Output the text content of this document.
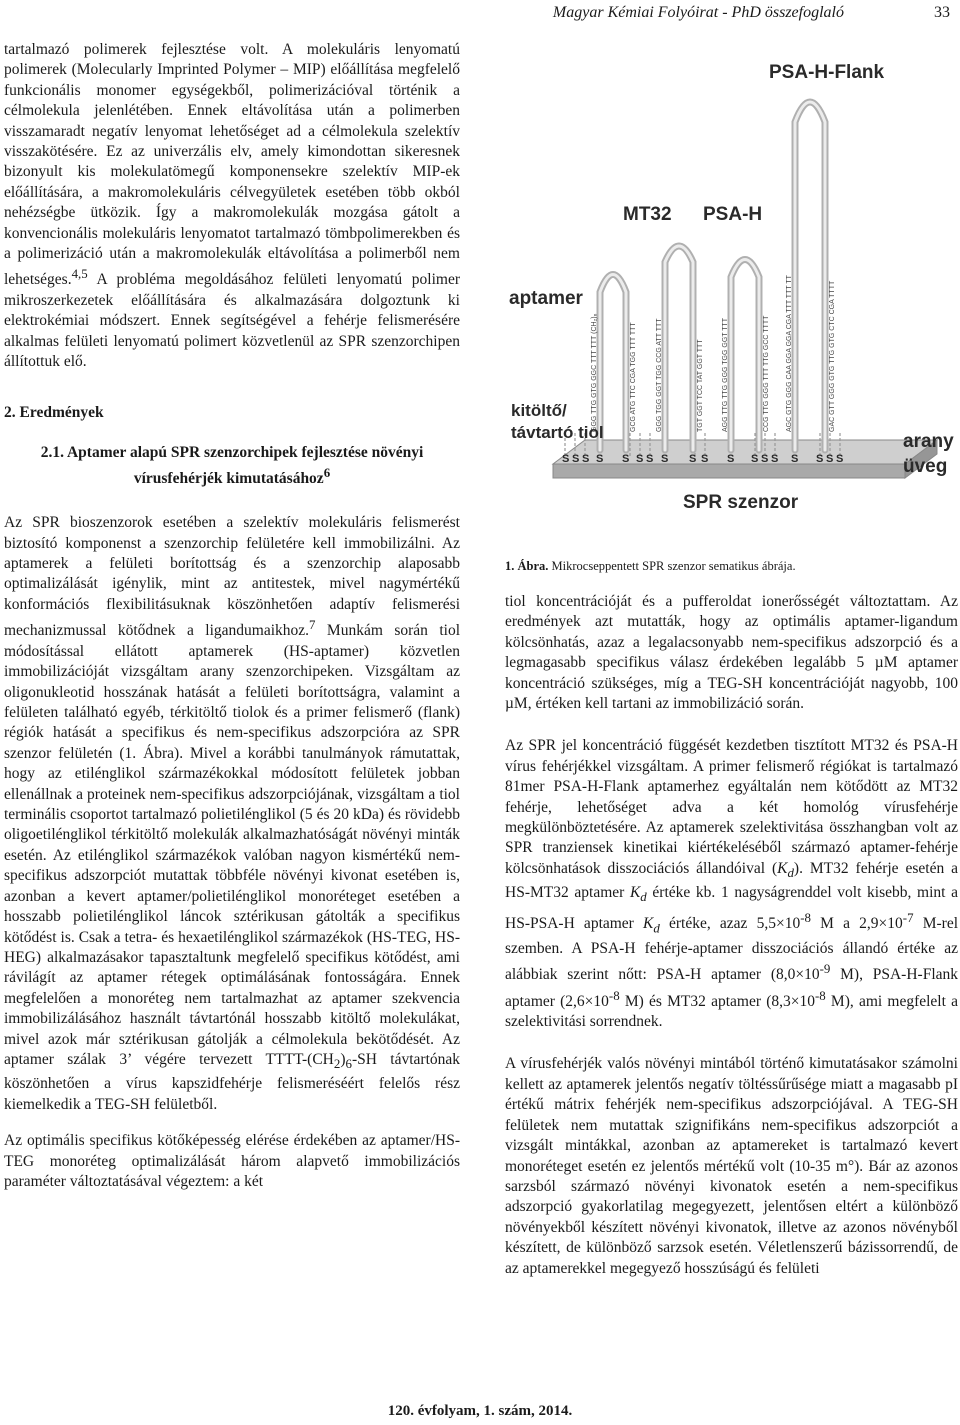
Magyar Kémiai Folyóirat - PhD összefoglaló	33

tartalmazó polimerek fejlesztése volt. A molekuláris lenyomatú polimerek (Molecularly Imprinted Polymer – MIP) előállítása megfelelő funkcionális monomer egységekből, polimerizációval történik a célmolekula jelenlétében. Ennek eltávolítása után a polimerben visszamaradt negatív lenyomat lehetőséget ad a célmolekula szelektív visszakötésére. Ez az univerzális elv, amely kimondottan sikeresnek bizonyult kis molekulatömegű komponensekre szelektív MIP-ek előállítására, a makromolekuláris célvegyületek esetében több okból nehézségbe ütközik. Így a makromolekulák mozgása gátolt a konvencionális molekuláris lenyomatot tartalmazó tömbpolimerekben és a polimerizáció után a makromolekulák eltávolítása a polimerből nem lehetséges.$^{4,5}$ A probléma megoldásához felületi lenyomatú polimer mikroszerkezetek előállítására és alkalmazására dolgoztunk ki elektrokémiai módszert. Ennek segítségével a fehérje felismerésére alkalmas felületi lenyomatú polimert közvetlenül az SPR szenzorchipen állítottuk elő.

2. Eredmények

2.1. Aptamer alapú SPR szenzorchipek fejlesztése növényi vírusfehérjék kimutatásához$^6$

Az SPR bioszenzorok esetében a szelektív molekuláris felismerést biztosító komponenst a szenzorchip felületére kell immobilizálni. Az aptamerek a felületi borítottság és a szenzorchip alaposabb optimalizálását igénylik, mint az antitestek, mivel nagymértékű konformációs flexibilitásuknak köszönhetően adaptív felismerési mechanizmussal kötődnek a ligandumaikhoz.$^7$ Munkám során tiol módosítással ellátott aptamerek (HS-aptamer) közvetlen immobilizációját vizsgáltam arany szenzorchipeken. Vizsgáltam az oligonukleotid hosszának hatását a felületi borítottságra, valamint a felületen található egyéb, térkitöltő tiolok és a primer felismerő (flank) régiók hatását a specifikus és nem-specifikus adszorpcióra az SPR szenzor felületén (1. Ábra). Mivel a korábbi tanulmányok rámutattak, hogy az etilénglikol származékokkal módosított felületek jobban ellenállnak a proteinek nem-specifikus adszorpciójának, vizsgáltam a tiol terminális csoportot tartalmazó polietilénglikol (5 és 20 kDa) és rövidebb oligoetilénglikol térkitöltő molekulák alkalmazhatóságát növényi minták esetén. Az etilénglikol származékok valóban nagyon kismértékű nem-specifikus adszorpciót mutattak többféle növényi kivonat esetében is, azonban a kevert aptamer/polietilénglikol monoréteget esetében a hosszabb polietilénglikol láncok sztérikusan gátolták a specifikus kötődést is. Csak a tetra- és hexaetilénglikol származékok (HS-TEG, HS-HEG) alkalmazásakor tapasztaltunk megfelelő specifikus kötődést, ami rávilágít az aptamer rétegek optimálásának fontosságára. Ennek megfelelően a monoréteg nem tartalmazhat az aptamer szekvencia immobilizálásához használt távtartónál hosszabb kitöltő molekulákat, mivel azok már sztérikusan gátolják a célmolekula bekötődését. Az aptamer szálak 3’ végére tervezett TTTT-$(CH_2)_6-SH$ távtartónak köszönhetően a vírus kapszidfehérje felismeréséért felelős rész kiemelkedik a TEG-SH felületből.

Az optimális specifikus kötőképesség elérése érdekében az aptamer/HS-TEG monoréteg optimalizálását három alapvető immobilizációs paraméter változtatásával végeztem: a két

GGG TTG GTG GGC TTT TTT (CH₂)₆	GCG ATG TTC CGA TGG TTT TTT	GGG TGG GGT TGG CCG ATT TTT	TGT GGT TCC TAT GGT TTT	AGG TTG TTG GGG TGG GGT TTT	CCG TTG GGG TTT TTG GCC TTTT AGC GTG GGG CAA GGA GGA CGA TTT TTT TT	GAC GTT GGG GTG TTG GTG CTC CGA TTTT
S S S S S S S S S S S S S S S S S S
PSA-H-Flank
MT32 PSA-H
aptamer
kitöltő/
távtartó tiol	arany
üveg
SPR szenzor
1. Ábra. Mikrocseppentett SPR szenzor sematikus ábrája.

tiol koncentrációját és a pufferoldat ionerősségét változtattam. Az eredmények azt mutatták, hogy az optimális aptamer-ligandum kölcsönhatás, azaz a legalacsonyabb nem-specifikus adszorpció és a legmagasabb specifikus válasz érdekében legalább 5 µM aptamer koncentráció szükséges, míg a TEG-SH koncentrációját nagyobb, 100 µM, értéken kell tartani az immobilizáció során.

Az SPR jel koncentráció függését kezdetben tisztított MT32 és PSA-H vírus fehérjékkel vizsgáltam. A primer felismerő régiókat is tartalmazó 81mer PSA-H-Flank aptamerhez egyáltalán nem kötődött az MT32 fehérje, lehetőséget adva a két homológ vírusfehérje megkülönböztetésére. Az aptamerek szelektivitása összhangban volt az SPR tranziensek kinetikai kiértékeléséből származó aptamer-fehérje kölcsönhatások disszociációs állandóival $(K_d)$. MT32 fehérje esetén a HS-MT32 aptamer $K_d$ értéke kb. 1 nagyságrenddel volt kisebb, mint a HS-PSA-H aptamer $K_d$ értéke, azaz $5,5\times 10^{-8}$ M a $2,9\times 10^{-7}$ M-rel szemben. A PSA-H fehérje-aptamer disszociációs állandó értéke az alábbiak szerint nőtt: PSA-H aptamer ($8,0\times 10^{-9}$ M), PSA-H-Flank aptamer ($2,6\times 10^{-8}$ M) és MT32 aptamer ($8,3\times 10^{-8}$ M), ami megfelelt a szelektivitási sorrendnek.

A vírusfehérjék valós növényi mintából történő kimutatásakor számolni kellett az aptamerek jelentős negatív töltéssűrűsége miatt a magasabb pI értékű mátrix fehérjék nem-specifikus adszorpciójával. A TEG-SH felületek nem mutattak szignifikáns nem-specifikus adszorpciót a vizsgált mintákkal, azonban az aptamereket is tartalmazó kevert monoréteget esetén ez jelentős mértékű volt (10-35 m°). Bár az azonos sarzsból származó növényi kivonatok esetén a nem-specifikus adszorpció gyakorlatilag megegyezett, jelentősen eltért a különböző növényekből készített növényi kivonatok, illetve az azonos növényből készített, de különböző sarzsok esetén. Véletlenszerű bázissorrendű, de az aptamerekkel megegyező hosszúságú és felületi

120. évfolyam, 1. szám, 2014.
